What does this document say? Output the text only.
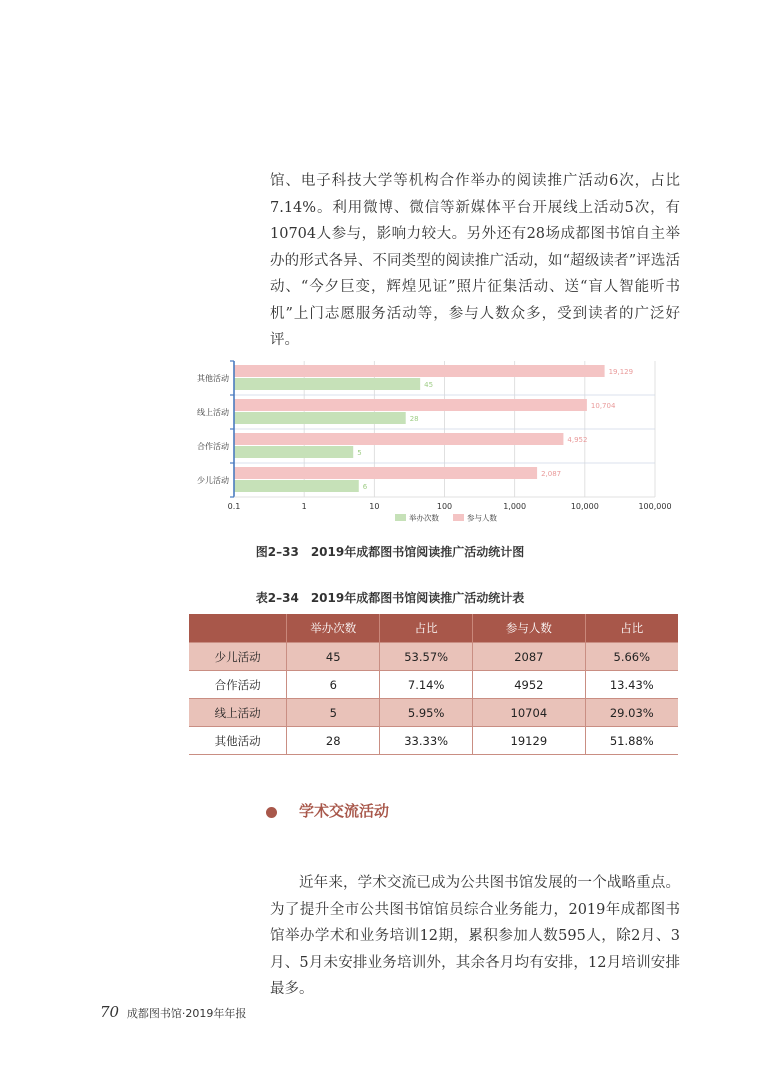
馆、电子科技大学等机构合作举办的阅读推广活动6次，占比7.14%。利用微博、微信等新媒体平台开展线上活动5次，有10704人参与，影响力较大。另外还有28场成都图书馆自主举办的形式各异、不同类型的阅读推广活动，如“超级读者”评选活动、“今夕巨变，辉煌见证”照片征集活动、送“盲人智能听书机”上门志愿服务活动等，参与人数众多，受到读者的广泛好评。

19,129
45
其他活动
10,704
28
线上活动
4,952
5
合作活动
2,087
6
少儿活动
0.1	1	10	100	1,000	10,000	100,000
举办次数	参与人数
图2–33　2019年成都图书馆阅读推广活动统计图
表2–34　2019年成都图书馆阅读推广活动统计表
	举办次数	占比	参与人数	占比
少儿活动	45	53.57%	2087	5.66%
合作活动	6	7.14%	4952	13.43%
线上活动	5	5.95%	10704	29.03%
其他活动	28	33.33%	19129	51.88%
学术交流活动

近年来，学术交流已成为公共图书馆发展的一个战略重点。为了提升全市公共图书馆馆员综合业务能力，2019年成都图书馆举办学术和业务培训12期，累积参加人数595人，除2月、3月、5月未安排业务培训外，其余各月均有安排，12月培训安排最多。

70 成都图书馆·2019年年报
